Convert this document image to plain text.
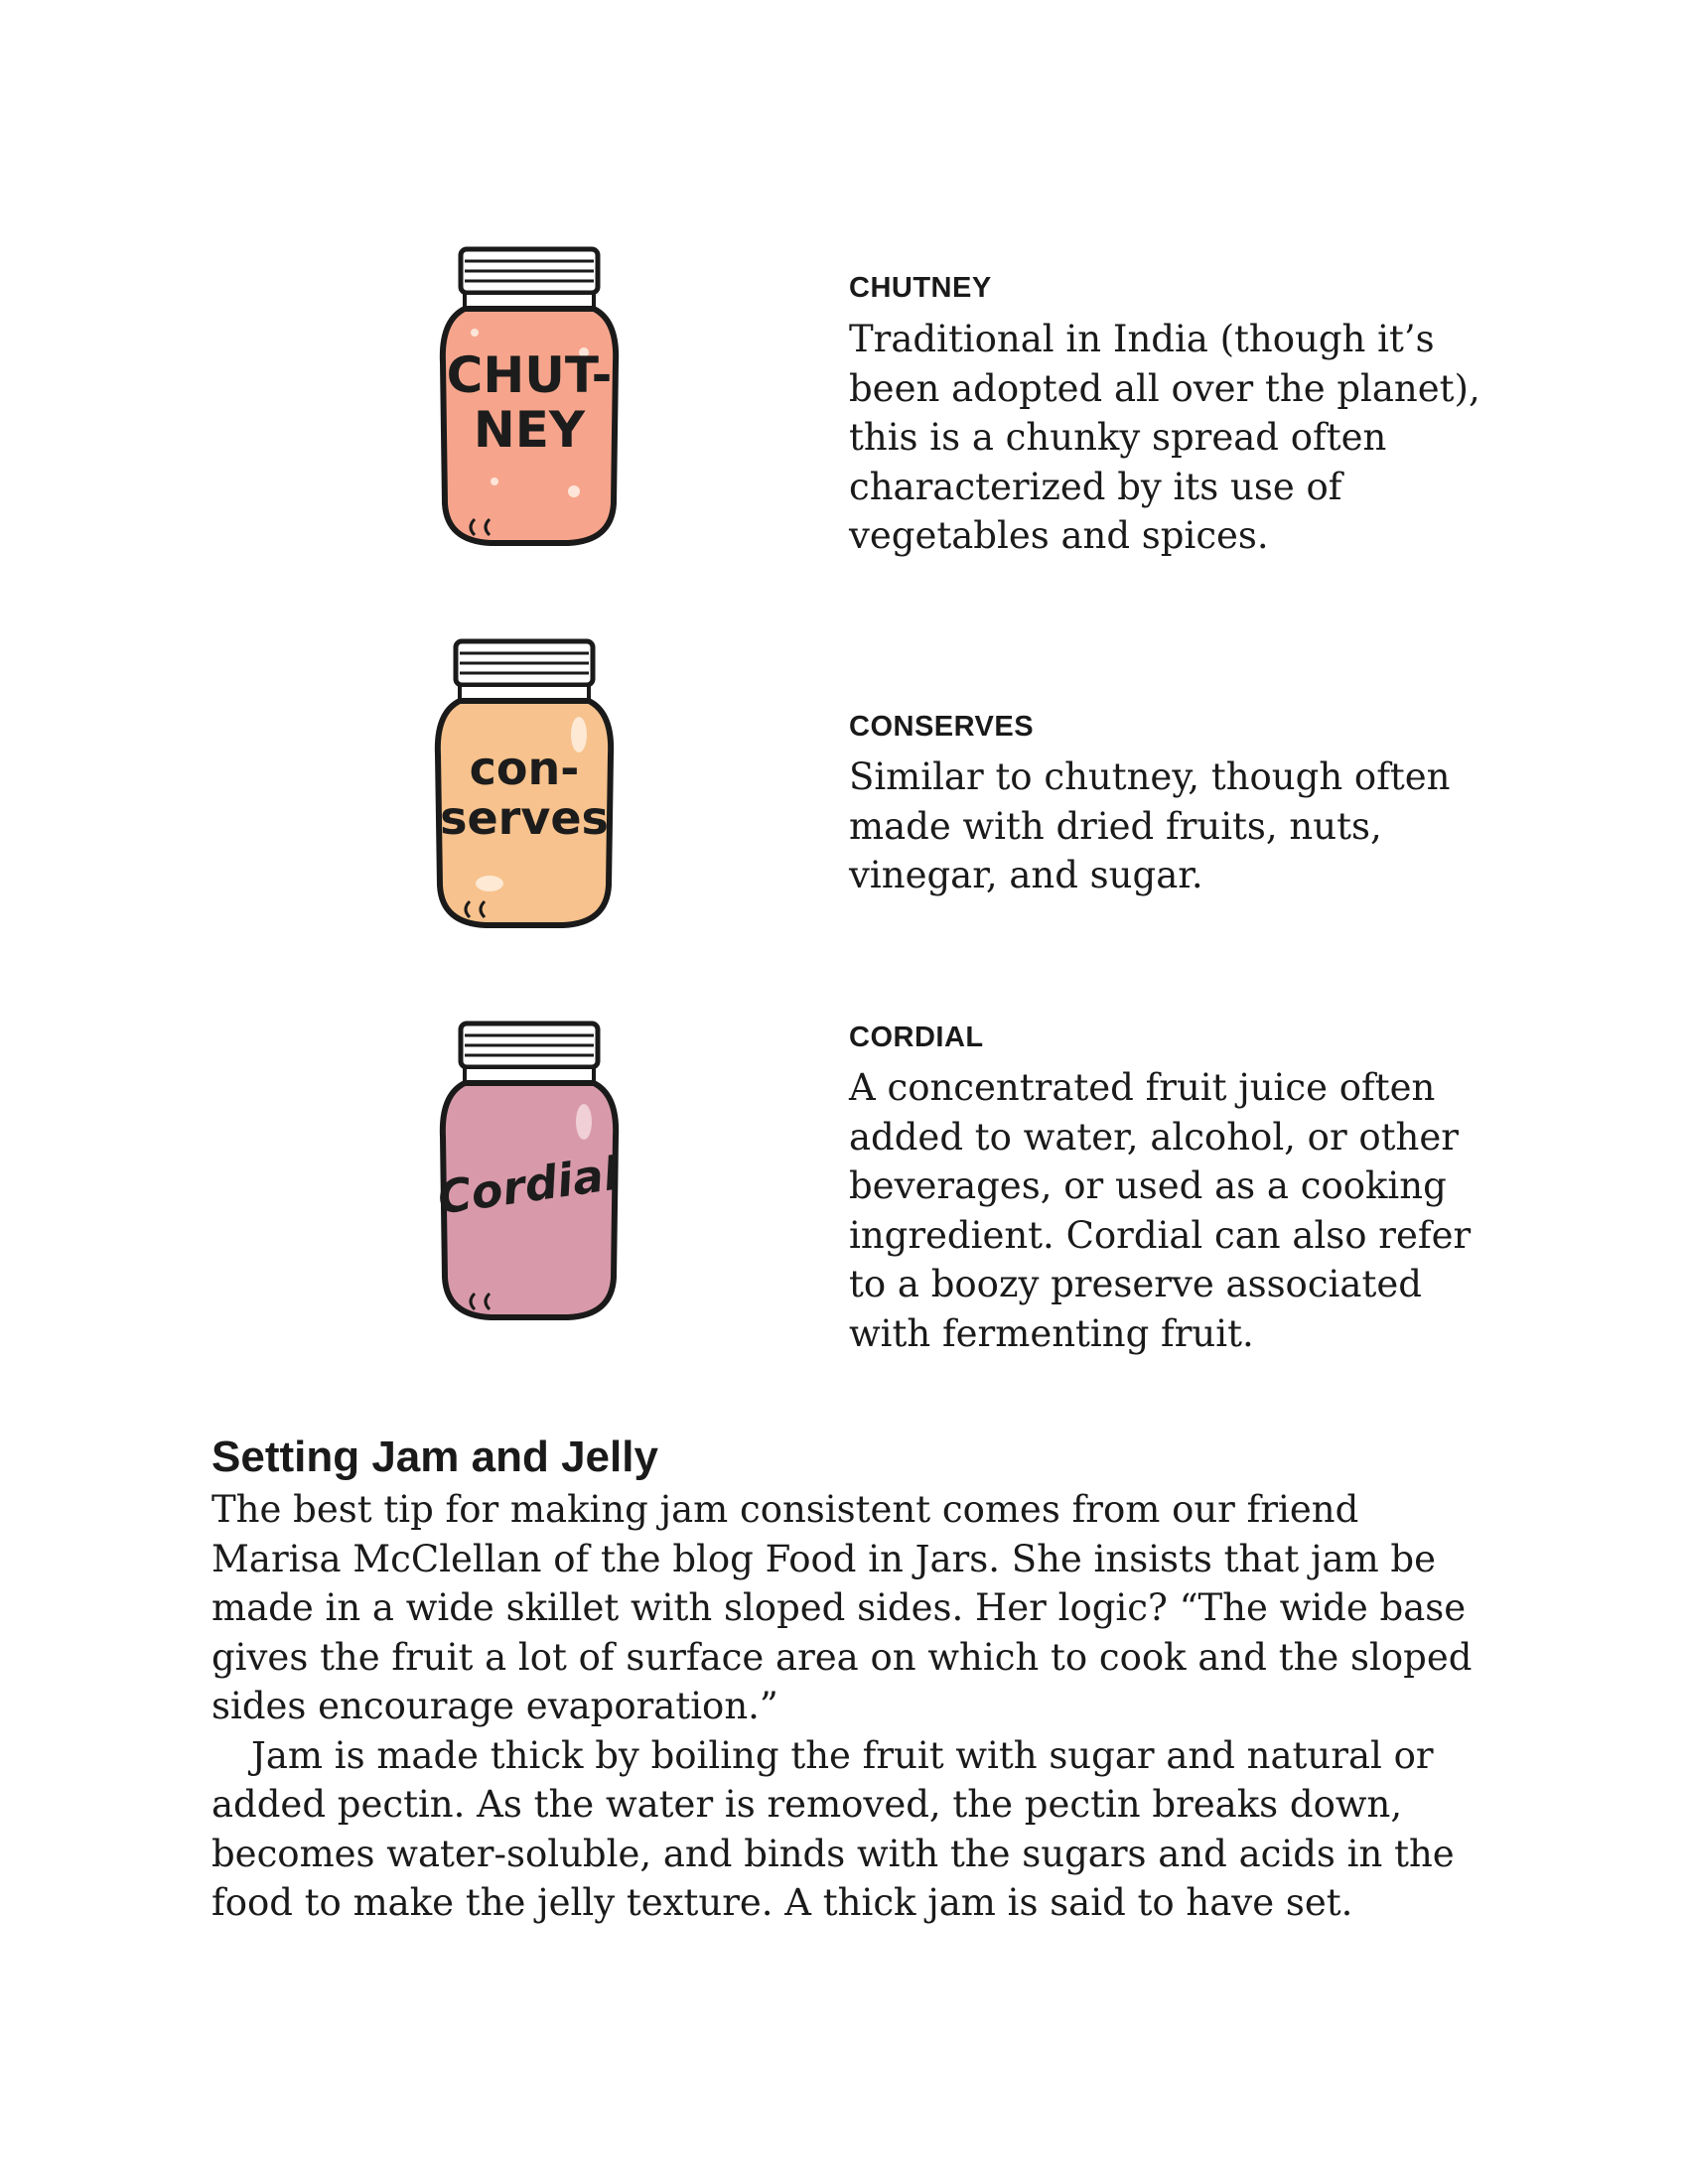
CHUT-
NEY
CHUTNEY

Traditional in India (though it’s been adopted all over the planet), this is a chunky spread often characterized by its use of vegetables and spices.

con-
serves
CONSERVES

Similar to chutney, though often made with dried fruits, nuts, vinegar, and sugar.

Cordial
CORDIAL

A concentrated fruit juice often added to water, alcohol, or other beverages, or used as a cooking ingredient. Cordial can also refer to a boozy preserve associated with fermenting fruit.

Setting Jam and Jelly

The best tip for making jam consistent comes from our friend Marisa McClellan of the blog Food in Jars. She insists that jam be made in a wide skillet with sloped sides. Her logic? “The wide base gives the fruit a lot of surface area on which to cook and the sloped sides encourage evaporation.”

Jam is made thick by boiling the fruit with sugar and natural or added pectin. As the water is removed, the pectin breaks down, becomes water-soluble, and binds with the sugars and acids in the food to make the jelly texture. A thick jam is said to have set.
